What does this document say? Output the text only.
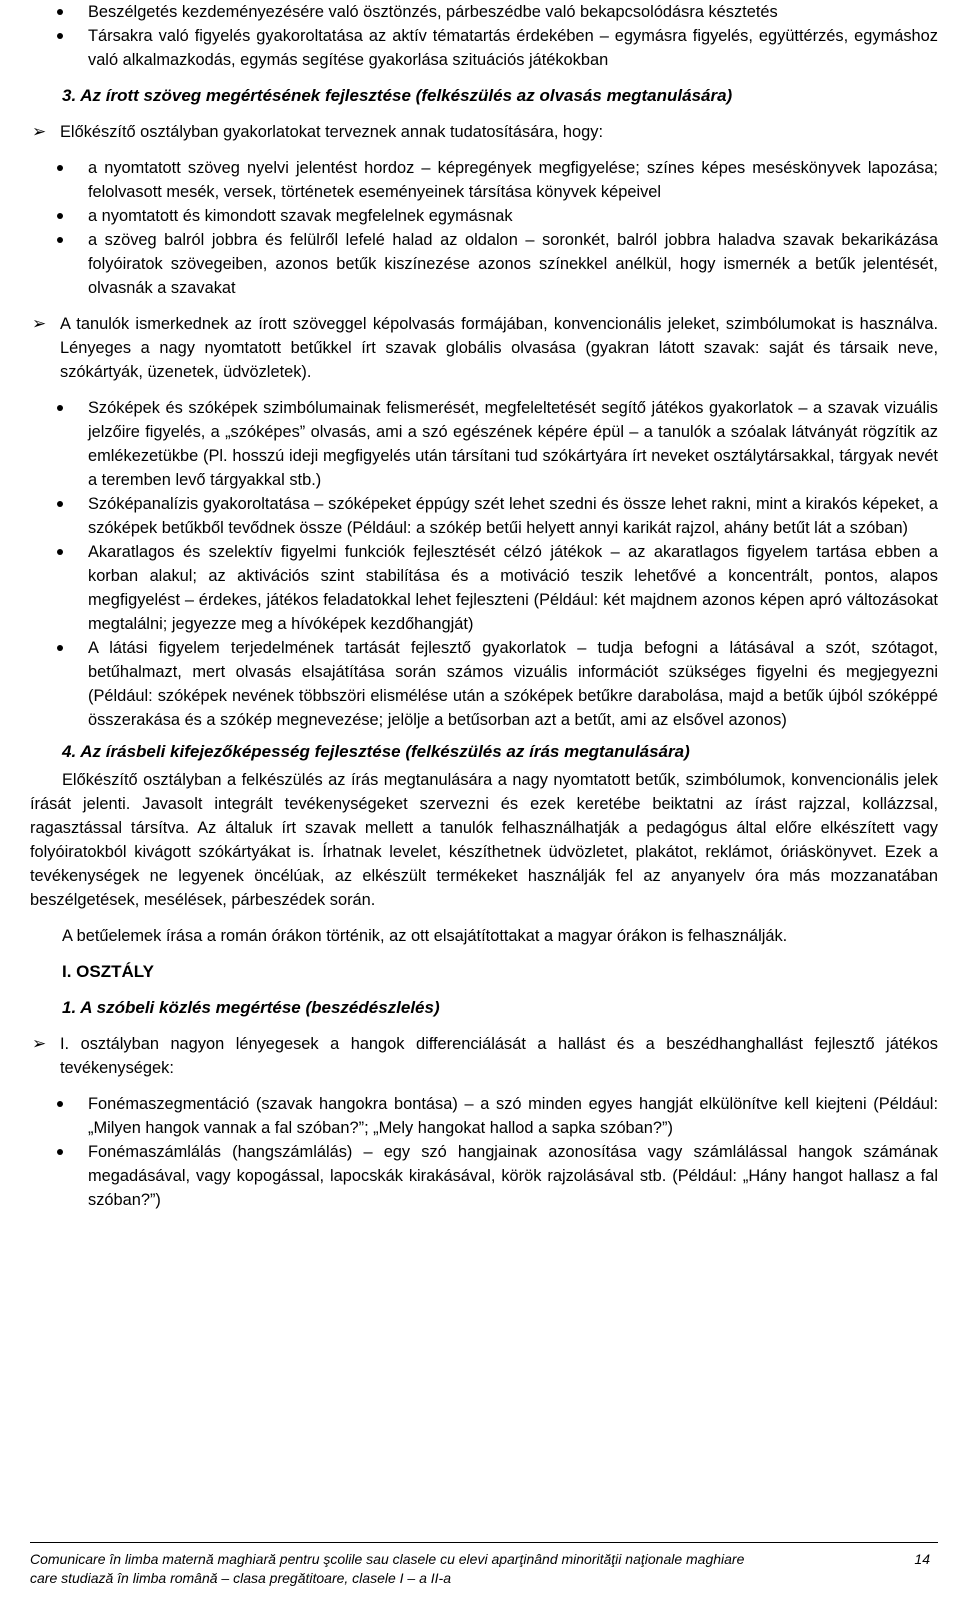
Beszélgetés kezdeményezésére való ösztönzés, párbeszédbe való bekapcsolódásra késztetés
Társakra való figyelés gyakoroltatása az aktív tématartás érdekében – egymásra figyelés, együttérzés, egymáshoz való alkalmazkodás, egymás segítése gyakorlása szituációs játékokban

3. Az írott szöveg megértésének fejlesztése (felkészülés az olvasás megtanulására)

➢ Előkészítő osztályban gyakorlatokat terveznek annak tudatosítására, hogy:
a nyomtatott szöveg nyelvi jelentést hordoz – képregények megfigyelése; színes képes meséskönyvek lapozása; felolvasott mesék, versek, történetek eseményeinek társítása könyvek képeivel
a nyomtatott és kimondott szavak megfelelnek egymásnak
a szöveg balról jobbra és felülről lefelé halad az oldalon – soronkét, balról jobbra haladva szavak bekarikázása folyóiratok szövegeiben, azonos betűk kiszínezése azonos színekkel anélkül, hogy ismernék a betűk jelentését, olvasnák a szavakat
➢ A tanulók ismerkednek az írott szöveggel képolvasás formájában, konvencionális jeleket, szimbólumokat is használva. Lényeges a nagy nyomtatott betűkkel írt szavak globális olvasása (gyakran látott szavak: saját és társaik neve, szókártyák, üzenetek, üdvözletek).
Szóképek és szóképek szimbólumainak felismerését, megfeleltetését segítő játékos gyakorlatok – a szavak vizuális jelzőire figyelés, a „szóképes” olvasás, ami a szó egészének képére épül – a tanulók a szóalak látványát rögzítik az emlékezetükbe (Pl. hosszú ideji megfigyelés után társítani tud szókártyára írt neveket osztálytársakkal, tárgyak nevét a teremben levő tárgyakkal stb.)
Szóképanalízis gyakoroltatása – szóképeket éppúgy szét lehet szedni és össze lehet rakni, mint a kirakós képeket, a szóképek betűkből tevődnek össze (Például: a szókép betűi helyett annyi karikát rajzol, ahány betűt lát a szóban)
Akaratlagos és szelektív figyelmi funkciók fejlesztését célzó játékok – az akaratlagos figyelem tartása ebben a korban alakul; az aktivációs szint stabilítása és a motiváció teszik lehetővé a koncentrált, pontos, alapos megfigyelést – érdekes, játékos feladatokkal lehet fejleszteni (Például: két majdnem azonos képen apró változásokat megtalálni; jegyezze meg a hívóképek kezdőhangját)
A látási figyelem terjedelmének tartását fejlesztő gyakorlatok – tudja befogni a látásával a szót, szótagot, betűhalmazt, mert olvasás elsajátítása során számos vizuális információt szükséges figyelni és megjegyezni (Például: szóképek nevének többszöri elismélése után a szóképek betűkre darabolása, majd a betűk újból szóképpé összerakása és a szókép megnevezése; jelölje a betűsorban azt a betűt, ami az elsővel azonos)

4. Az írásbeli kifejezőképesség fejlesztése (felkészülés az írás megtanulására)

Előkészítő osztályban a felkészülés az írás megtanulására a nagy nyomtatott betűk, szimbólumok, konvencionális jelek írását jelenti. Javasolt integrált tevékenységeket szervezni és ezek keretébe beiktatni az írást rajzzal, kollázzsal, ragasztással társítva. Az általuk írt szavak mellett a tanulók felhasználhatják a pedagógus által előre elkészített vagy folyóiratokból kivágott szókártyákat is. Írhatnak levelet, készíthetnek üdvözletet, plakátot, reklámot, óriáskönyvet. Ezek a tevékenységek ne legyenek öncélúak, az elkészült termékeket használják fel az anyanyelv óra más mozzanatában beszélgetések, mesélések, párbeszédek során.

A betűelemek írása a román órákon történik, az ott elsajátítottakat a magyar órákon is felhasználják.

I. OSZTÁLY

1. A szóbeli közlés megértése (beszédészlelés)

➢ I. osztályban nagyon lényegesek a hangok differenciálását a hallást és a beszédhanghallást fejlesztő játékos tevékenységek:
Fonémaszegmentáció (szavak hangokra bontása) – a szó minden egyes hangját elkülönítve kell kiejteni (Például: „Milyen hangok vannak a fal szóban?”; „Mely hangokat hallod a sapka szóban?”)
Fonémaszámlálás (hangszámlálás) – egy szó hangjainak azonosítása vagy számlálással hangok számának megadásával, vagy kopogással, lapocskák kirakásával, körök rajzolásával stb. (Például: „Hány hangot hallasz a fal szóban?”)
Comunicare în limba maternă maghiară pentru şcolile sau clasele cu elevi aparţinând minorităţii naţionale maghiare
care studiază în limba română – clasa pregătitoare, clasele I – a II-a
14
